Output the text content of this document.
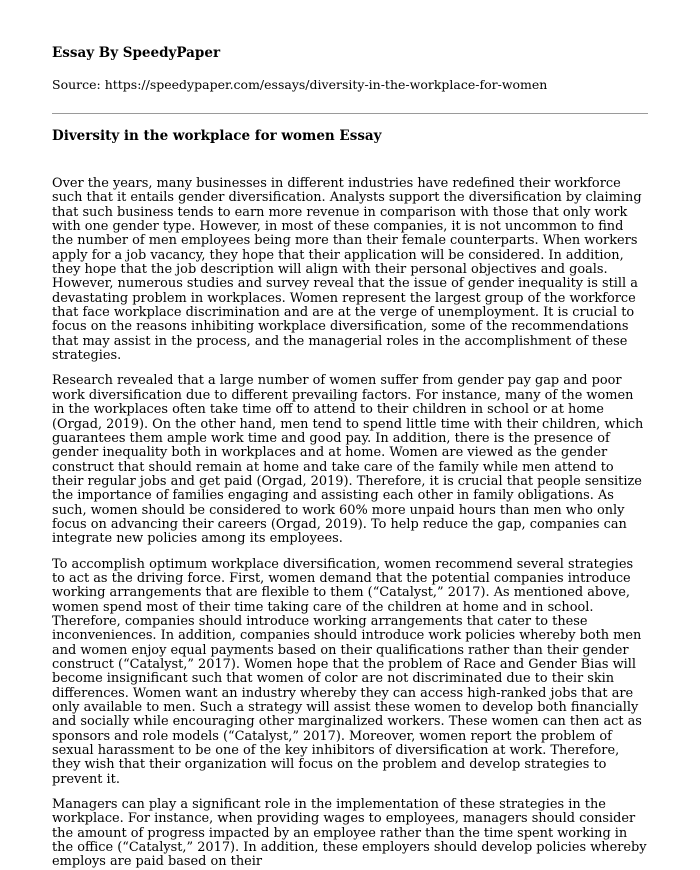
Essay By SpeedyPaper
Source: https://speedypaper.com/essays/diversity-in-the-workplace-for-women
Diversity in the workplace for women Essay

Over the years, many businesses in different industries have redefined their workforce such that it entails gender diversification. Analysts support the diversification by claiming that such business tends to earn more revenue in comparison with those that only work with one gender type. However, in most of these companies, it is not uncommon to find the number of men employees being more than their female counterparts. When workers apply for a job vacancy, they hope that their application will be considered. In addition, they hope that the job description will align with their personal objectives and goals. However, numerous studies and survey reveal that the issue of gender inequality is still a devastating problem in workplaces. Women represent the largest group of the workforce that face workplace discrimination and are at the verge of unemployment. It is crucial to focus on the reasons inhibiting workplace diversification, some of the recommendations that may assist in the process, and the managerial roles in the accomplishment of these strategies.

Research revealed that a large number of women suffer from gender pay gap and poor work diversification due to different prevailing factors. For instance, many of the women in the workplaces often take time off to attend to their children in school or at home (Orgad, 2019). On the other hand, men tend to spend little time with their children, which guarantees them ample work time and good pay. In addition, there is the presence of gender inequality both in workplaces and at home. Women are viewed as the gender construct that should remain at home and take care of the family while men attend to their regular jobs and get paid (Orgad, 2019). Therefore, it is crucial that people sensitize the importance of families engaging and assisting each other in family obligations. As such, women should be considered to work 60% more unpaid hours than men who only focus on advancing their careers (Orgad, 2019). To help reduce the gap, companies can integrate new policies among its employees.

To accomplish optimum workplace diversification, women recommend several strategies to act as the driving force. First, women demand that the potential companies introduce working arrangements that are flexible to them (“Catalyst,” 2017). As mentioned above, women spend most of their time taking care of the children at home and in school. Therefore, companies should introduce working arrangements that cater to these inconveniences. In addition, companies should introduce work policies whereby both men and women enjoy equal payments based on their qualifications rather than their gender construct (“Catalyst,” 2017). Women hope that the problem of Race and Gender Bias will become insignificant such that women of color are not discriminated due to their skin differences. Women want an industry whereby they can access high-ranked jobs that are only available to men. Such a strategy will assist these women to develop both financially and socially while encouraging other marginalized workers. These women can then act as sponsors and role models (“Catalyst,” 2017). Moreover, women report the problem of sexual harassment to be one of the key inhibitors of diversification at work. Therefore, they wish that their organization will focus on the problem and develop strategies to prevent it.

Managers can play a significant role in the implementation of these strategies in the workplace. For instance, when providing wages to employees, managers should consider the amount of progress impacted by an employee rather than the time spent working in the office (“Catalyst,” 2017). In addition, these employers should develop policies whereby employs are paid based on their
